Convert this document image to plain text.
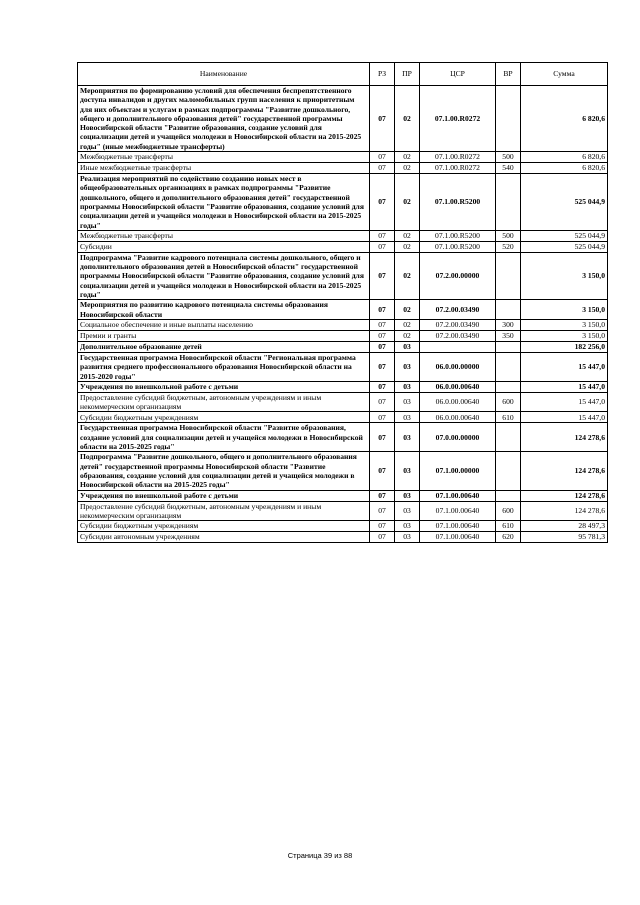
Наименование	РЗ	ПР	ЦСР	ВР	Сумма
Мероприятия по формированию условий для обеспечения беспрепятственного доступа инвалидов и других маломобильных групп населения к приоритетным для них объектам и услугам в рамках подпрограммы "Развитие дошкольного, общего и дополнительного образования детей" государственной программы Новосибирской области "Развитие образования, создание условий для социализации детей и учащейся молодежи в Новосибирской области на 2015-2025 годы" (иные межбюджетные трансферты)	07	02	07.1.00.R0272		6 820,6
Межбюджетные трансферты	07	02	07.1.00.R0272	500	6 820,6
Иные межбюджетные трансферты	07	02	07.1.00.R0272	540	6 820,6
Реализация мероприятий по содействию созданию новых мест в общеобразовательных организациях в рамках подпрограммы "Развитие дошкольного, общего и дополнительного образования детей" государственной программы Новосибирской области "Развитие образования, создание условий для социализации детей и учащейся молодежи в Новосибирской области на 2015-2025 годы"	07	02	07.1.00.R5200		525 044,9
Межбюджетные трансферты	07	02	07.1.00.R5200	500	525 044,9
Субсидии	07	02	07.1.00.R5200	520	525 044,9
Подпрограмма "Развитие кадрового потенциала системы дошкольного, общего и дополнительного образования детей в Новосибирской области" государственной программы Новосибирской области "Развитие образования, создание условий для социализации детей и учащейся молодежи в Новосибирской области на 2015-2025 годы"	07	02	07.2.00.00000		3 150,0
Мероприятия по развитию кадрового потенциала системы образования Новосибирской области	07	02	07.2.00.03490		3 150,0
Социальное обеспечение и иные выплаты населению	07	02	07.2.00.03490	300	3 150,0
Премии и гранты	07	02	07.2.00.03490	350	3 150,0
Дополнительное образование детей	07	03			182 256,0
Государственная программа Новосибирской области "Региональная программа развития среднего профессионального образования Новосибирской области на 2015-2020 годы"	07	03	06.0.00.00000		15 447,0
Учреждения по внешкольной работе с детьми	07	03	06.0.00.00640		15 447,0
Предоставление субсидий бюджетным, автономным учреждениям и иным некоммерческим организациям	07	03	06.0.00.00640	600	15 447,0
Субсидии бюджетным учреждениям	07	03	06.0.00.00640	610	15 447,0
Государственная программа Новосибирской области "Развитие образования, создание условий для социализации детей и учащейся молодежи в Новосибирской области на 2015-2025 годы"	07	03	07.0.00.00000		124 278,6
Подпрограмма "Развитие дошкольного, общего и дополнительного образования детей" государственной программы Новосибирской области "Развитие образования, создание условий для социализации детей и учащейся молодежи в Новосибирской области на 2015-2025 годы"	07	03	07.1.00.00000		124 278,6
Учреждения по внешкольной работе с детьми	07	03	07.1.00.00640		124 278,6
Предоставление субсидий бюджетным, автономным учреждениям и иным некоммерческим организациям	07	03	07.1.00.00640	600	124 278,6
Субсидии бюджетным учреждениям	07	03	07.1.00.00640	610	28 497,3
Субсидии автономным учреждениям	07	03	07.1.00.00640	620	95 781,3
Страница 39 из 88
